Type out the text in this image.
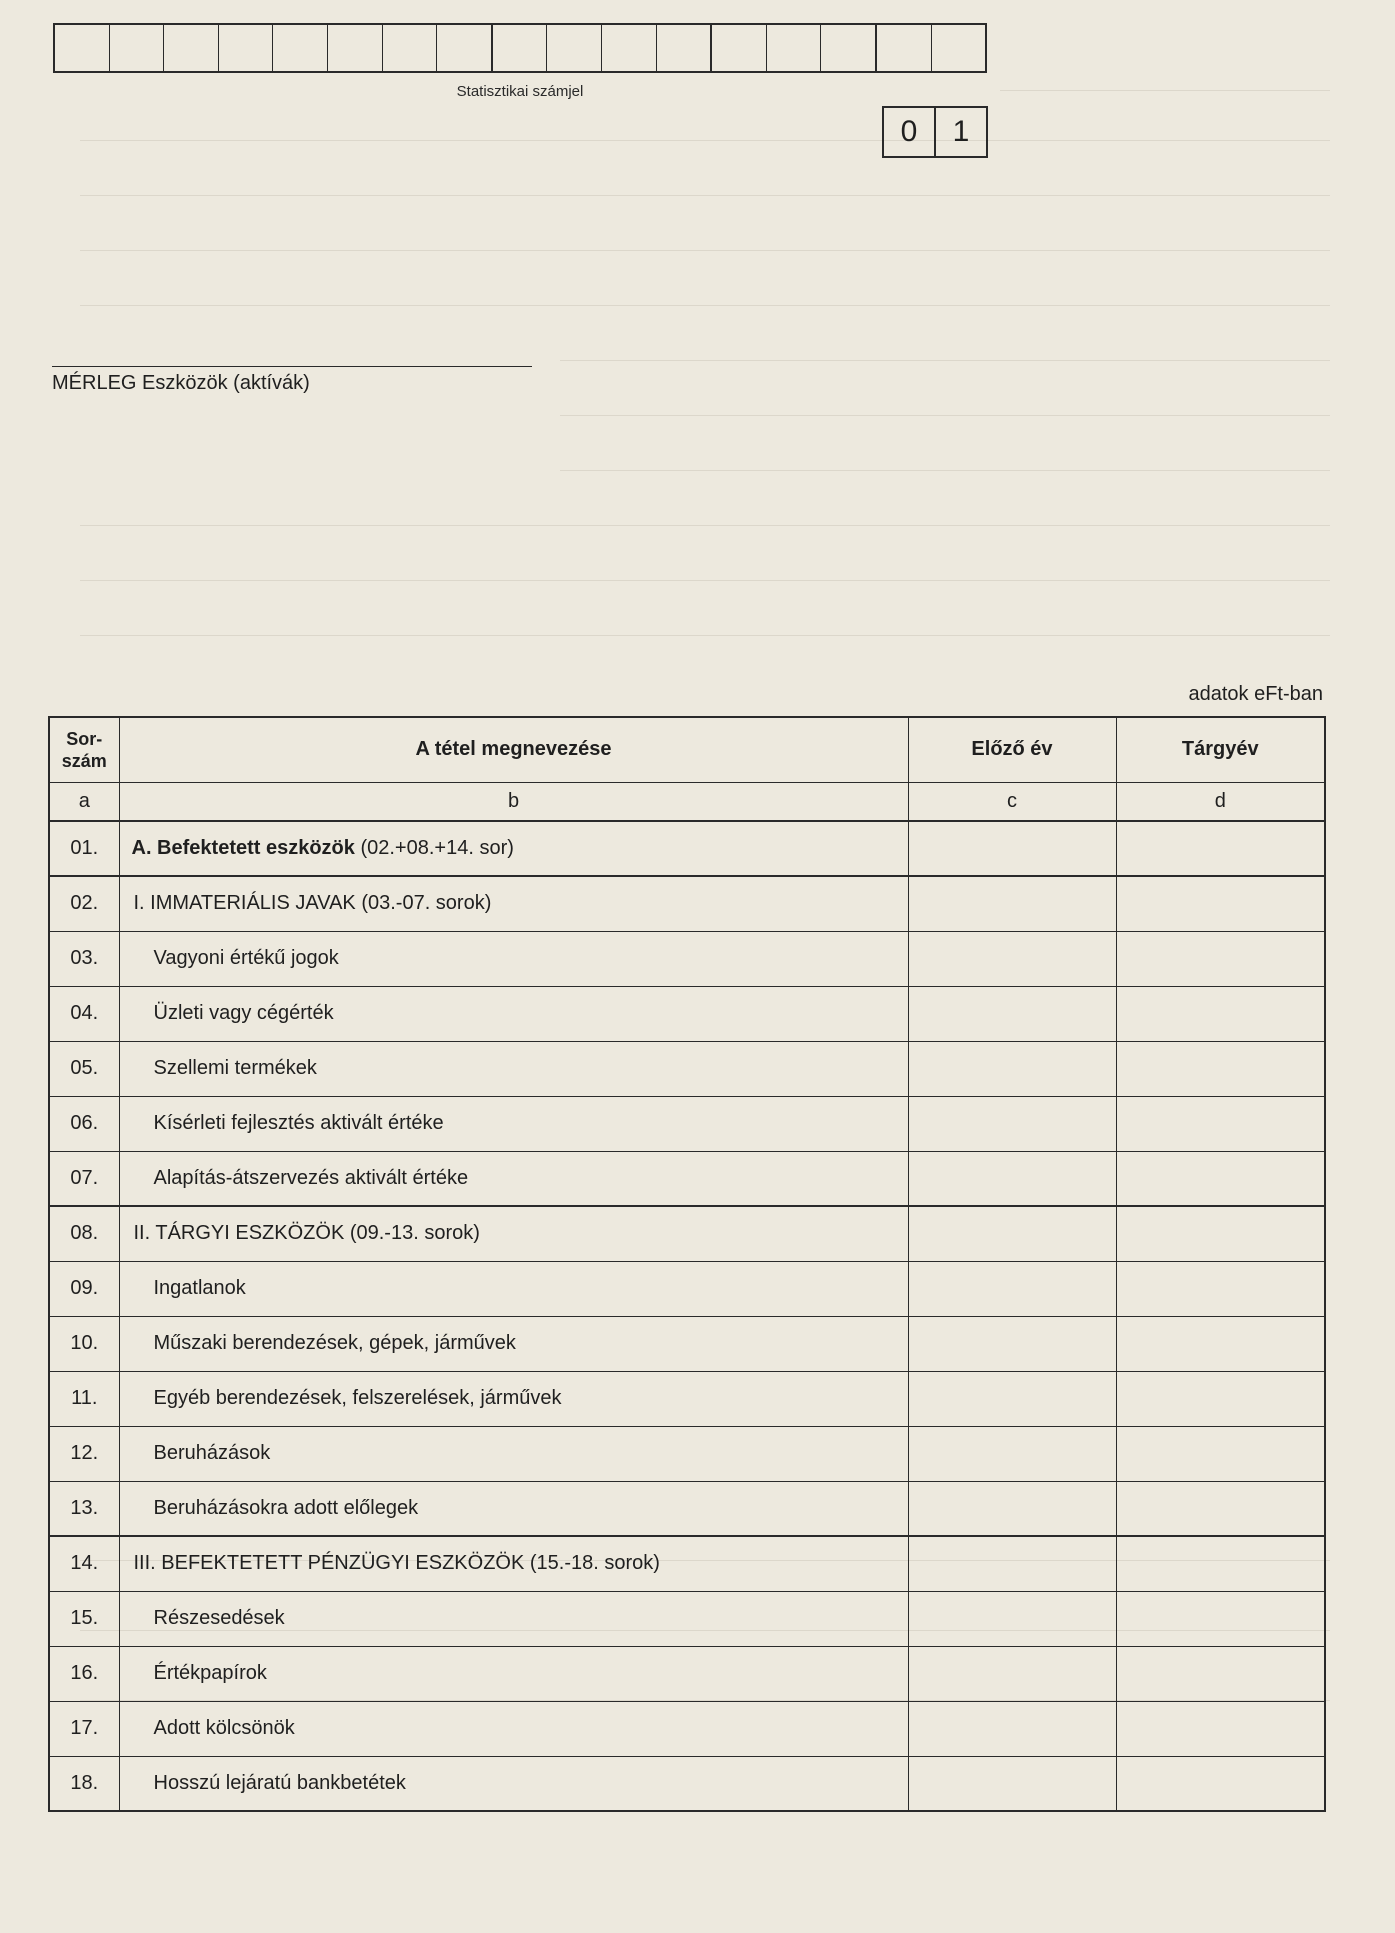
Statisztikai számjel
0	1
MÉRLEG Eszközök (aktívák)
adatok eFt-ban
Sor-
szám	A tétel megnevezése	Előző év	Tárgyév
a	b	c	d
01.	A. Befektetett eszközök (02.+08.+14. sor)		
02.	I. IMMATERIÁLIS JAVAK (03.-07. sorok)		
03.	Vagyoni értékű jogok		
04.	Üzleti vagy cégérték		
05.	Szellemi termékek		
06.	Kísérleti fejlesztés aktivált értéke		
07.	Alapítás-átszervezés aktivált értéke		
08.	II. TÁRGYI ESZKÖZÖK (09.-13. sorok)		
09.	Ingatlanok		
10.	Műszaki berendezések, gépek, járművek		
11.	Egyéb berendezések, felszerelések, járművek		
12.	Beruházások		
13.	Beruházásokra adott előlegek		
14.	III. BEFEKTETETT PÉNZÜGYI ESZKÖZÖK (15.-18. sorok)		
15.	Részesedések		
16.	Értékpapírok		
17.	Adott kölcsönök		
18.	Hosszú lejáratú bankbetétek		
